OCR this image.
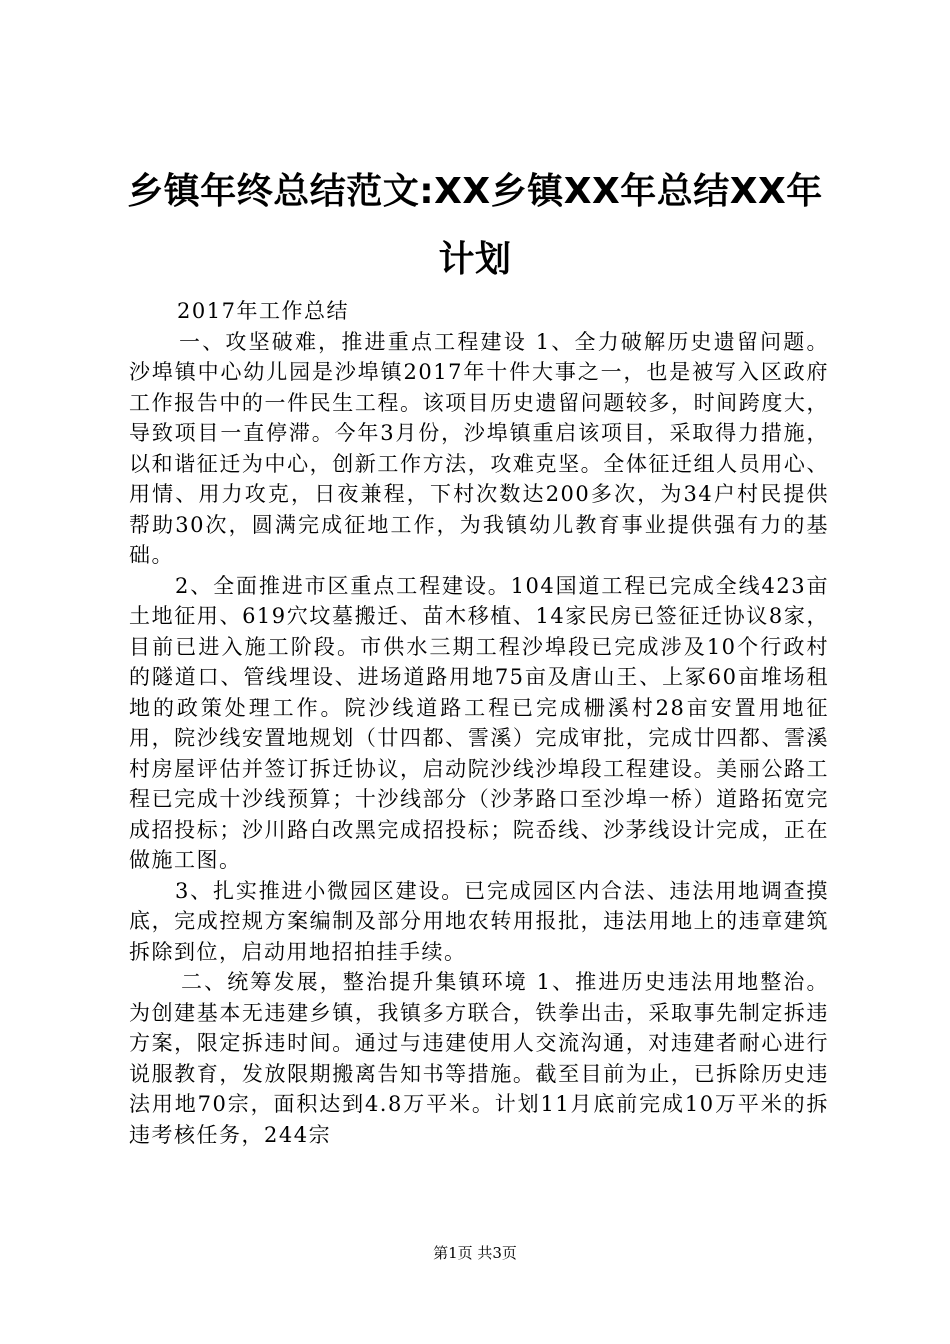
乡镇年终总结范文:XX乡镇XX年总结XX年计划

2017年工作总结

一、攻坚破难，推进重点工程建设 1、全力破解历史遗留问题。沙埠镇中心幼儿园是沙埠镇2017年十件大事之一，也是被写入区政府工作报告中的一件民生工程。该项目历史遗留问题较多，时间跨度大，导致项目一直停滞。今年3月份，沙埠镇重启该项目，采取得力措施，以和谐征迁为中心，创新工作方法，攻难克坚。全体征迁组人员用心、用情、用力攻克，日夜兼程，下村次数达200多次，为34户村民提供帮助30次，圆满完成征地工作，为我镇幼儿教育事业提供强有力的基础。

2、全面推进市区重点工程建设。104国道工程已完成全线423亩土地征用、619穴坟墓搬迁、苗木移植、14家民房已签征迁协议8家，目前已进入施工阶段。市供水三期工程沙埠段已完成涉及10个行政村的隧道口、管线埋设、进场道路用地75亩及唐山王、上冢60亩堆场租地的政策处理工作。院沙线道路工程已完成栅溪村28亩安置用地征用，院沙线安置地规划（廿四都、霅溪）完成审批，完成廿四都、霅溪村房屋评估并签订拆迁协议，启动院沙线沙埠段工程建设。美丽公路工程已完成十沙线预算；十沙线部分（沙茅路口至沙埠一桥）道路拓宽完成招投标；沙川路白改黑完成招投标；院岙线、沙茅线设计完成，正在做施工图。

3、扎实推进小微园区建设。已完成园区内合法、违法用地调查摸底，完成控规方案编制及部分用地农转用报批，违法用地上的违章建筑拆除到位，启动用地招拍挂手续。

二、统筹发展，整治提升集镇环境 1、推进历史违法用地整治。为创建基本无违建乡镇，我镇多方联合，铁拳出击，采取事先制定拆违方案，限定拆违时间。通过与违建使用人交流沟通，对违建者耐心进行说服教育，发放限期搬离告知书等措施。截至目前为止，已拆除历史违法用地70宗，面积达到4.8万平米。计划11月底前完成10万平米的拆违考核任务，244宗

第1页 共3页
